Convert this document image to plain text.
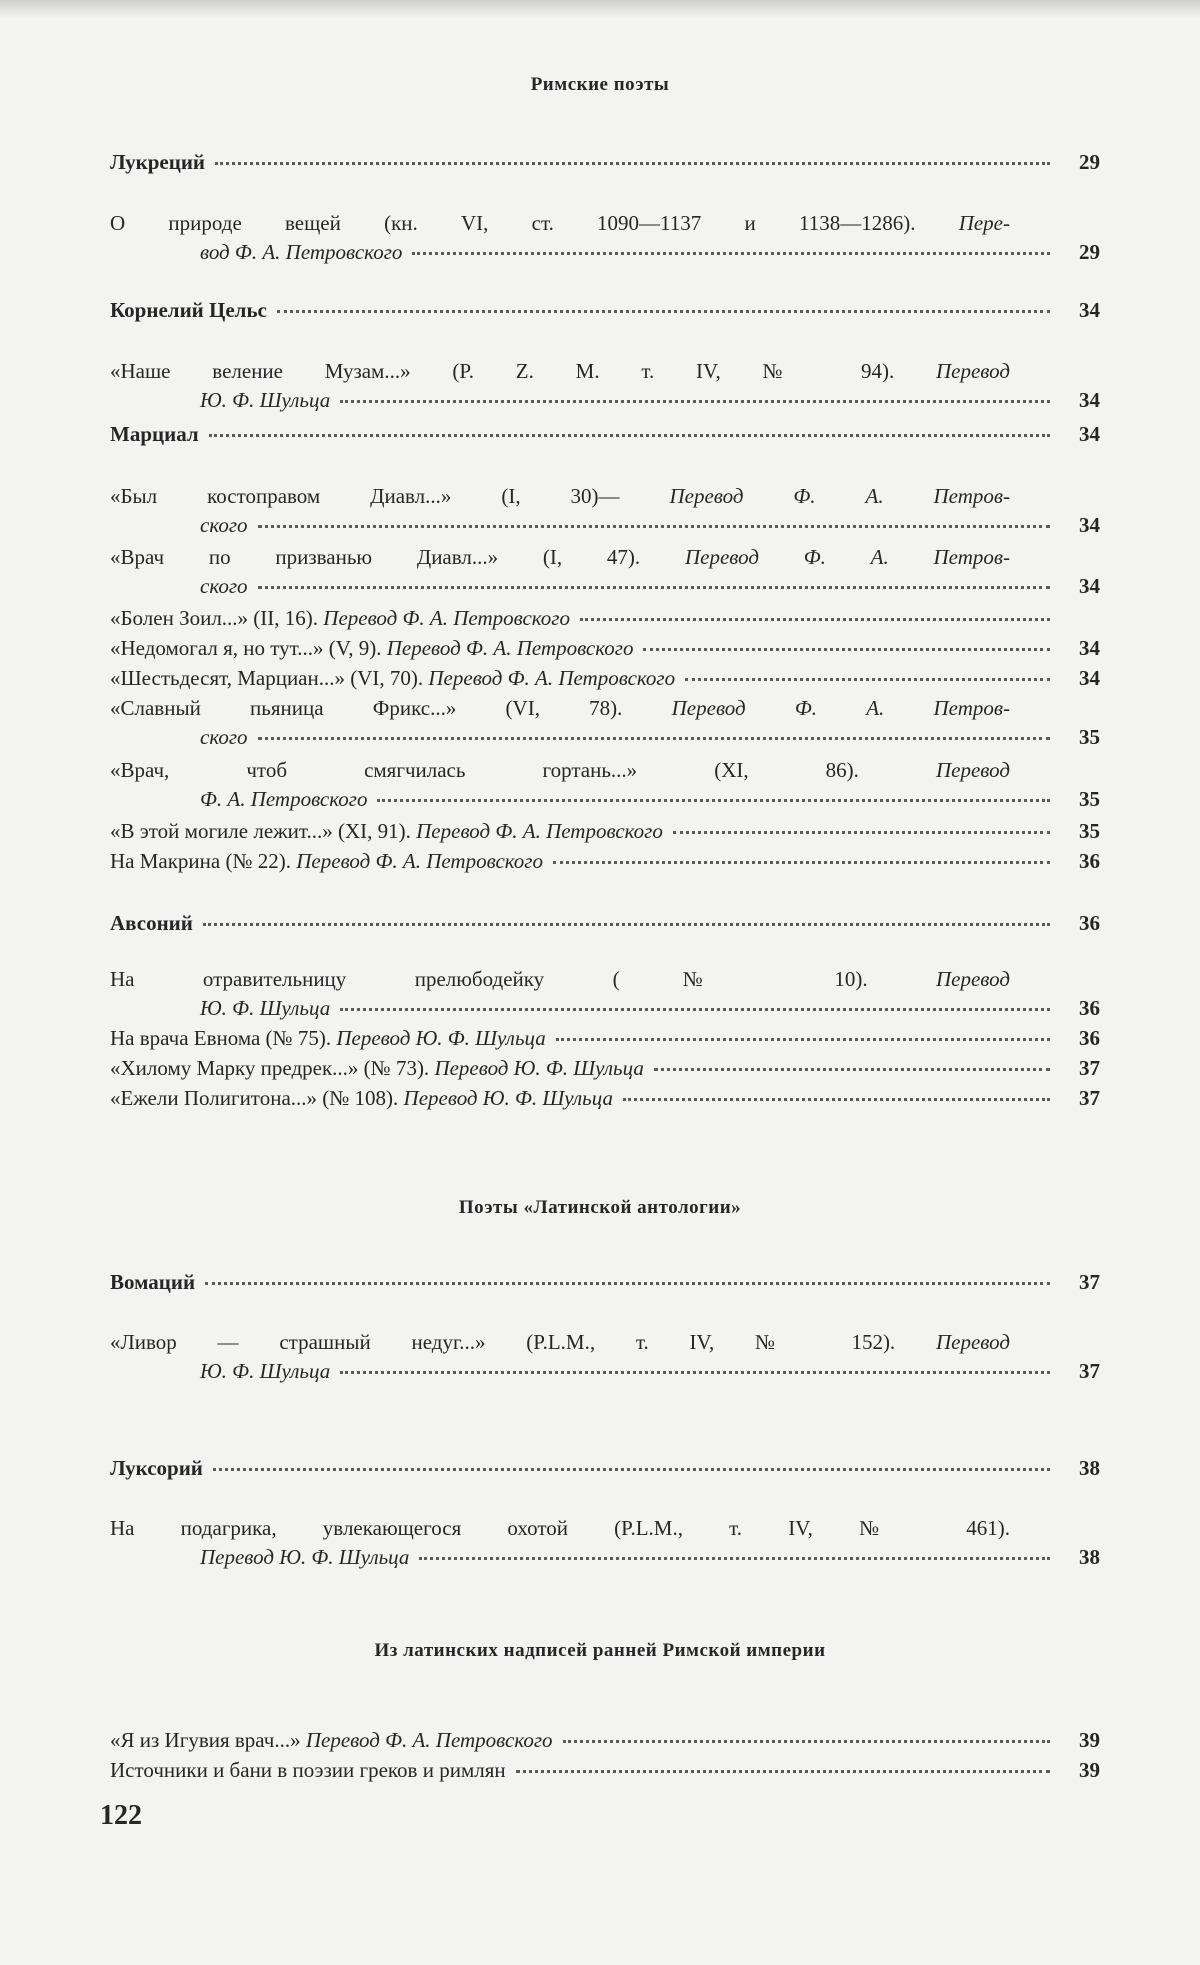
Римские поэты
Лукреций	29
О природе вещей (кн. VI, ст. 1090—1137 и 1138—1286). Пере-
вод Ф. А. Петровского	29
Корнелий Цельс	34
«Наше веление Музам...» (P. Z. M. т. IV, № 94). Перевод
Ю. Ф. Шульца	34
Марциал	34
«Был костоправом Диавл...» (I, 30)— Перевод Ф. А. Петров-
ского	34
«Врач по призванью Диавл...» (I, 47). Перевод Ф. А. Петров-
ского	34
«Болен Зоил...» (II, 16). Перевод Ф. А. Петровского
«Недомогал я, но тут...» (V, 9). Перевод Ф. А. Петровского	34
«Шестьдесят, Марциан...» (VI, 70). Перевод Ф. А. Петровского	34
«Славный пьяница Фрикс...» (VI, 78). Перевод Ф. А. Петров-
ского	35
«Врач, чтоб смягчилась гортань...» (XI, 86). Перевод
Ф. А. Петровского	35
«В этой могиле лежит...» (XI, 91). Перевод Ф. А. Петровского	35
На Макрина (№ 22). Перевод Ф. А. Петровского	36
Авсоний	36
На отравительницу прелюбодейку (№ 10). Перевод
Ю. Ф. Шульца	36
На врача Евнома (№ 75). Перевод Ю. Ф. Шульца	36
«Хилому Марку предрек...» (№ 73). Перевод Ю. Ф. Шульца	37
«Ежели Полигитона...» (№ 108). Перевод Ю. Ф. Шульца	37
Поэты «Латинской антологии»
Вомаций	37
«Ливор — страшный недуг...» (P.L.M., т. IV, № 152). Перевод
Ю. Ф. Шульца	37
Луксорий	38
На подагрика, увлекающегося охотой (P.L.M., т. IV, № 461).
Перевод Ю. Ф. Шульца	38
Из латинских надписей ранней Римской империи
«Я из Игувия врач...» Перевод Ф. А. Петровского	39
Источники и бани в поэзии греков и римлян	39
122
